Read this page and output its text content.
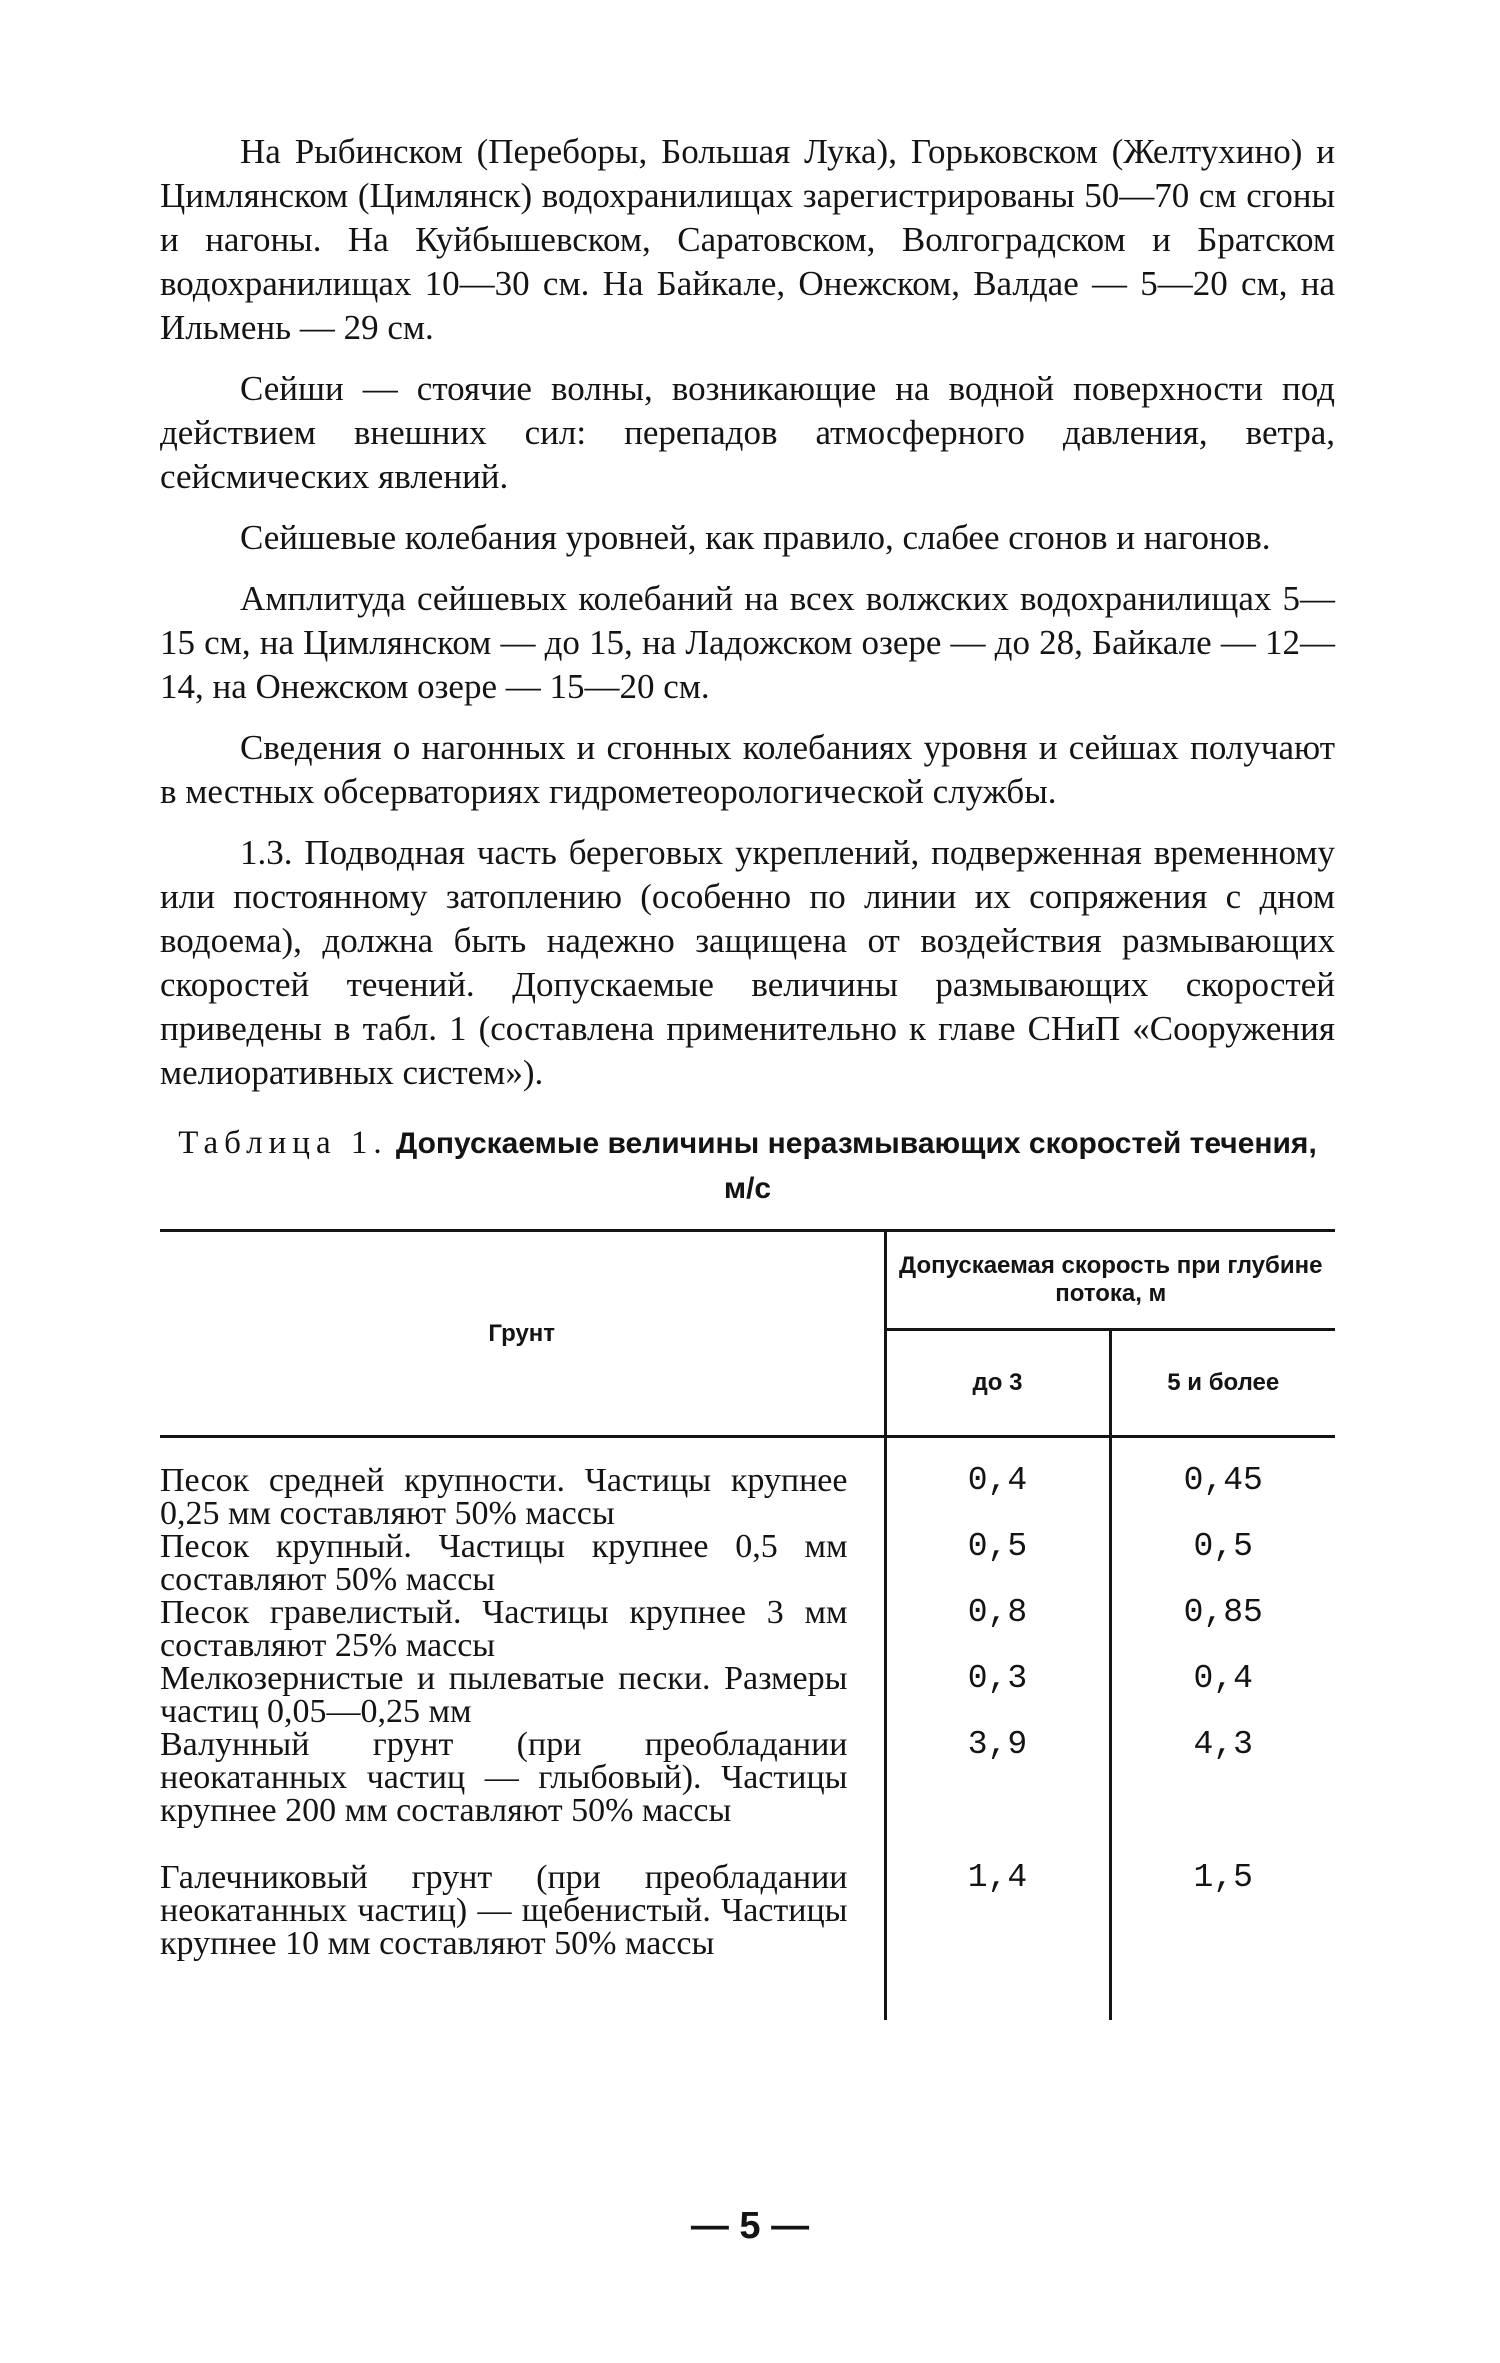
На Рыбинском (Переборы, Большая Лука), Горьковском (Желтухино) и Цимлянском (Цимлянск) водохранилищах зарегистрированы 50—70 см сгоны и нагоны. На Куйбышевском, Саратовском, Волгоградском и Братском водохранилищах 10—30 см. На Байкале, Онежском, Валдае — 5—20 см, на Ильмень — 29 см.

Сейши — стоячие волны, возникающие на водной поверхности под действием внешних сил: перепадов атмосферного давления, ветра, сейсмических явлений.

Сейшевые колебания уровней, как правило, слабее сгонов и нагонов.

Амплитуда сейшевых колебаний на всех волжских водохранилищах 5—15 см, на Цимлянском — до 15, на Ладожском озере — до 28, Байкале — 12—14, на Онежском озере — 15—20 см.

Сведения о нагонных и сгонных колебаниях уровня и сейшах получают в местных обсерваториях гидрометеорологической службы.

1.3. Подводная часть береговых укреплений, подверженная временному или постоянному затоплению (особенно по линии их сопряжения с дном водоема), должна быть надежно защищена от воздействия размывающих скоростей течений. Допускаемые величины размывающих скоростей приведены в табл. 1 (составлена применительно к главе СНиП «Сооружения мелиоративных систем»).

Таблица 1. Допускаемые величины неразмывающих скоростей течения, м/с
Грунт	Допускаемая скорость при глубине потока, м	
	до 3	5 и более
Песок средней крупности. Частицы крупнее 0,25 мм составляют 50% массы	0,4	0,45
Песок крупный. Частицы крупнее 0,5 мм составляют 50% массы	0,5	0,5
Песок гравелистый. Частицы крупнее 3 мм составляют 25% массы	0,8	0,85
Мелкозернистые и пылеватые пески. Размеры частиц 0,05—0,25 мм	0,3	0,4
Валунный грунт (при преобладании неокатанных частиц — глыбовый). Частицы крупнее 200 мм составляют 50% массы	3,9	4,3
Галечниковый грунт (при преобладании неокатанных частиц) — щебенистый. Частицы крупнее 10 мм составляют 50% массы	1,4	1,5
— 5 —
